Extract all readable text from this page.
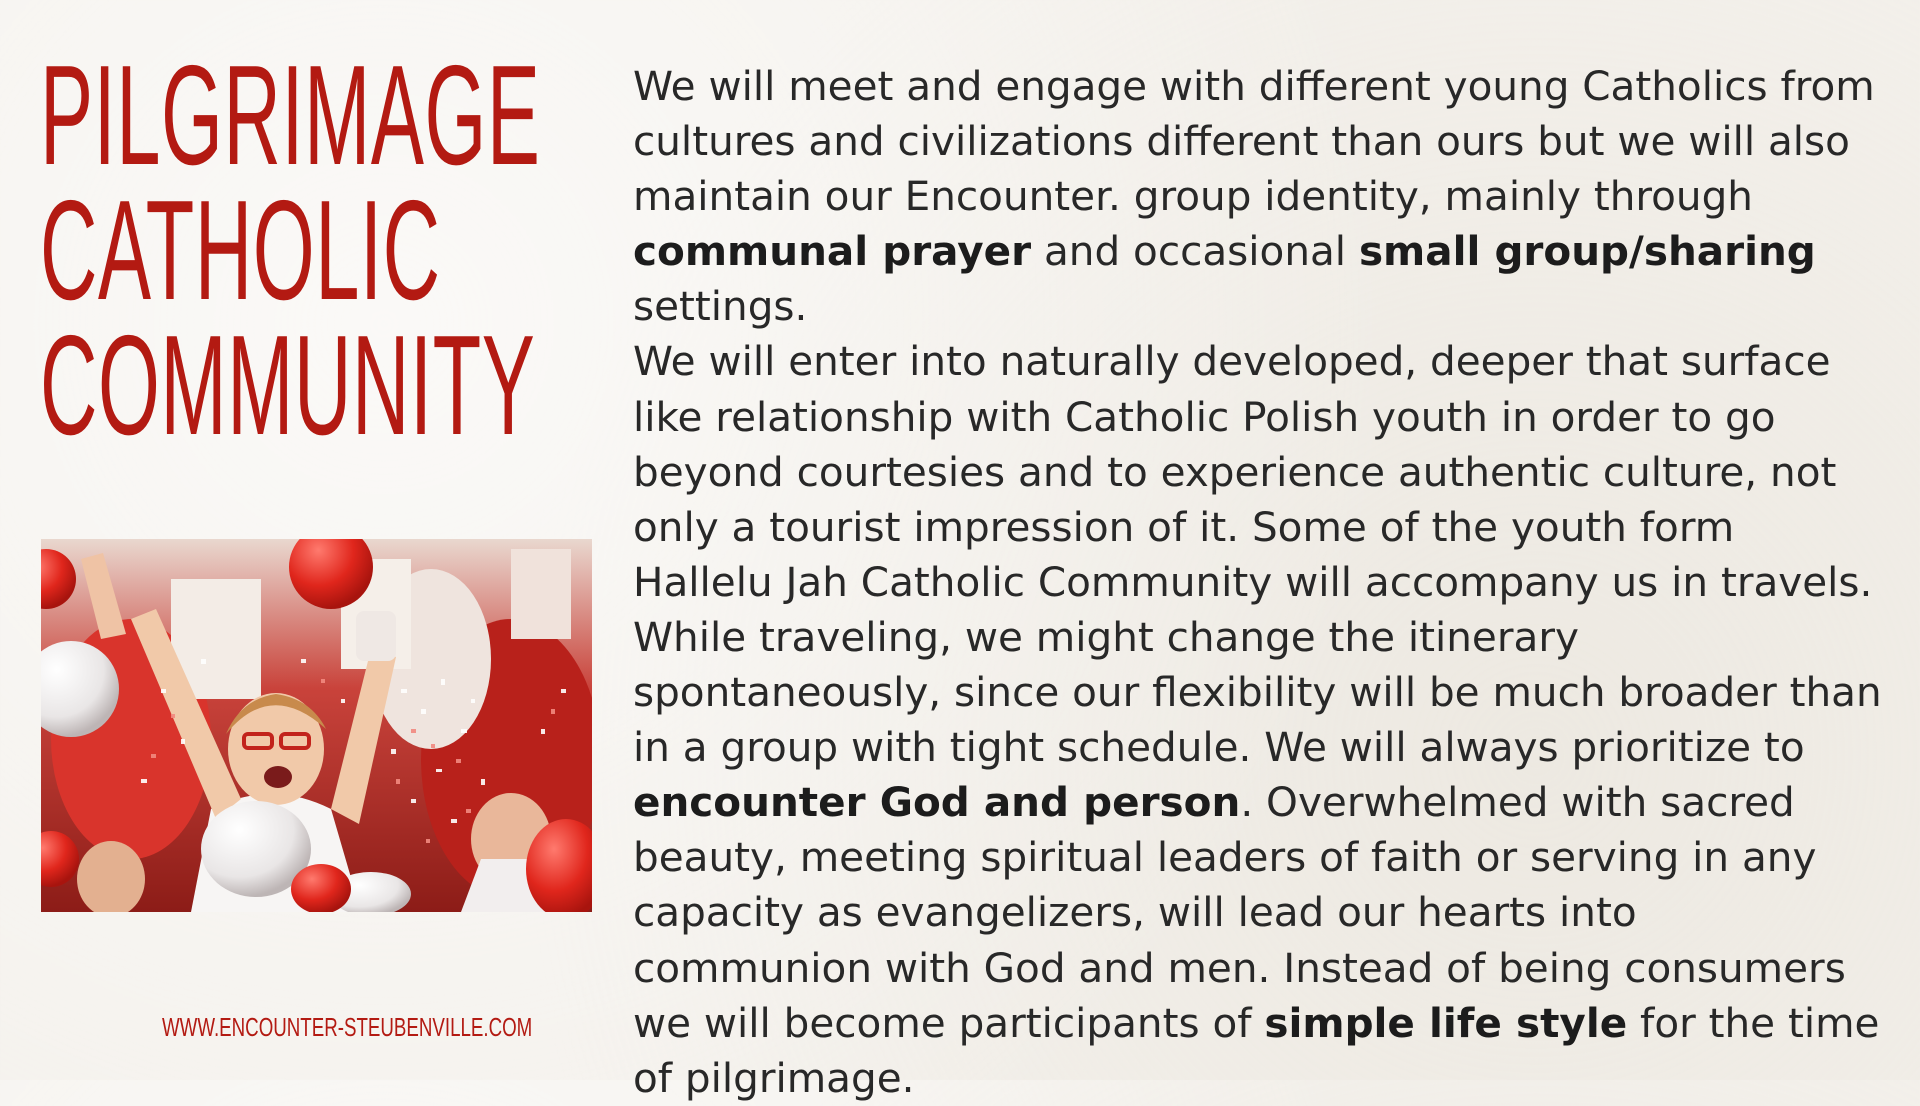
PILGRIMAGE
CATHOLIC
COMMUNITY
WWW.ENCOUNTER-STEUBENVILLE.COM

We will meet and engage with different young Catholics from cultures and civilizations different than ours but we will also maintain our Encounter. group identity, mainly through communal prayer and occasional small group/sharing settings.

We will enter into naturally developed, deeper that surface like relationship with Catholic Polish youth in order to go beyond courtesies and to experience authentic culture, not only a tourist impression of it. Some of the youth form Hallelu Jah Catholic Community will accompany us in travels.

While traveling, we might change the itinerary spontaneously, since our flexibility will be much broader than in a group with tight schedule. We will always prioritize to encounter God and person. Overwhelmed with sacred beauty, meeting spiritual leaders of faith or serving in any capacity as evangelizers, will lead our hearts into communion with God and men. Instead of being consumers we will become participants of simple life style for the time of pilgrimage.
